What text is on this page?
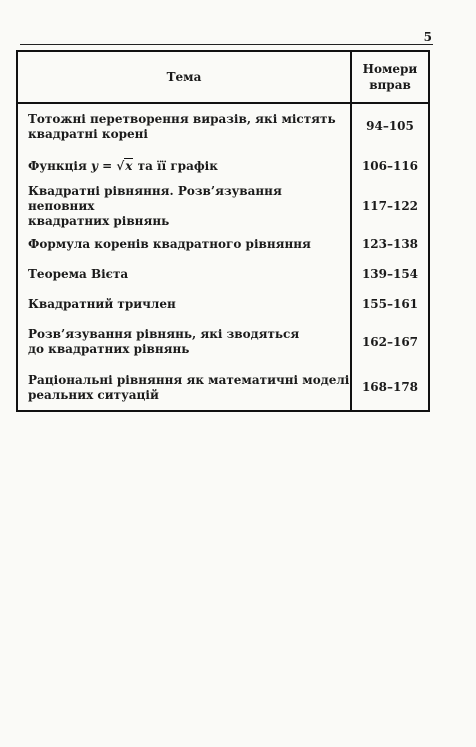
5
Тема	Номери
вправ
Тотожні перетворення виразів, які містять
квадратні корені	94–105
Функція y = √x та її графік	106–116
Квадратні рівняння. Розв’язування неповних
квадратних рівнянь	117–122
Формула коренів квадратного рівняння	123–138
Теорема Вієта	139–154
Квадратний тричлен	155–161
Розв’язування рівнянь, які зводяться
до квадратних рівнянь	162–167
Раціональні рівняння як математичні моделі
реальних ситуацій	168–178
